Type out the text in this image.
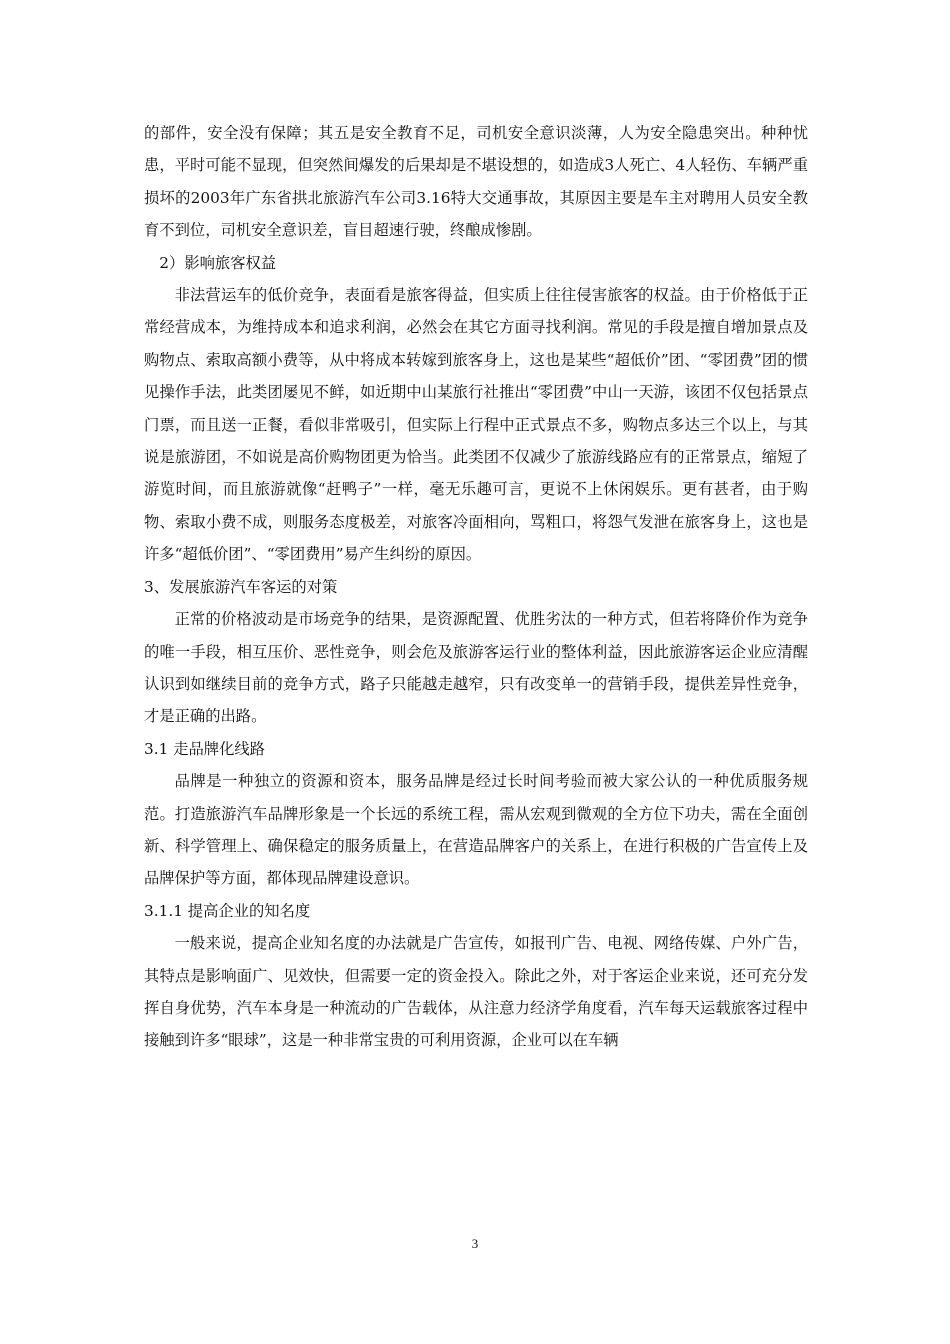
的部件，安全没有保障；其五是安全教育不足，司机安全意识淡薄，人为安全隐患突出。种种忧患，平时可能不显现，但突然间爆发的后果却是不堪设想的，如造成3人死亡、4人轻伤、车辆严重损坏的2003年广东省拱北旅游汽车公司3.16特大交通事故，其原因主要是车主对聘用人员安全教育不到位，司机安全意识差，盲目超速行驶，终酿成惨剧。

2）影响旅客权益

非法营运车的低价竞争，表面看是旅客得益，但实质上往往侵害旅客的权益。由于价格低于正常经营成本，为维持成本和追求利润，必然会在其它方面寻找利润。常见的手段是擅自增加景点及购物点、索取高额小费等，从中将成本转嫁到旅客身上，这也是某些“超低价”团、“零团费”团的惯见操作手法，此类团屡见不鲜，如近期中山某旅行社推出“零团费”中山一天游，该团不仅包括景点门票，而且送一正餐，看似非常吸引，但实际上行程中正式景点不多，购物点多达三个以上，与其说是旅游团，不如说是高价购物团更为恰当。此类团不仅减少了旅游线路应有的正常景点，缩短了游览时间，而且旅游就像“赶鸭子”一样，毫无乐趣可言，更说不上休闲娱乐。更有甚者，由于购物、索取小费不成，则服务态度极差，对旅客冷面相向，骂粗口，将怨气发泄在旅客身上，这也是许多“超低价团”、“零团费用”易产生纠纷的原因。

3、发展旅游汽车客运的对策

正常的价格波动是市场竞争的结果，是资源配置、优胜劣汰的一种方式，但若将降价作为竞争的唯一手段，相互压价、恶性竞争，则会危及旅游客运行业的整体利益，因此旅游客运企业应清醒认识到如继续目前的竞争方式，路子只能越走越窄，只有改变单一的营销手段，提供差异性竞争，才是正确的出路。

3.1 走品牌化线路

品牌是一种独立的资源和资本，服务品牌是经过长时间考验而被大家公认的一种优质服务规范。打造旅游汽车品牌形象是一个长远的系统工程，需从宏观到微观的全方位下功夫，需在全面创新、科学管理上、确保稳定的服务质量上，在营造品牌客户的关系上，在进行积极的广告宣传上及品牌保护等方面，都体现品牌建设意识。

3.1.1 提高企业的知名度

一般来说，提高企业知名度的办法就是广告宣传，如报刊广告、电视、网络传媒、户外广告，其特点是影响面广、见效快，但需要一定的资金投入。除此之外，对于客运企业来说，还可充分发挥自身优势，汽车本身是一种流动的广告载体，从注意力经济学角度看，汽车每天运载旅客过程中接触到许多“眼球”，这是一种非常宝贵的可利用资源，企业可以在车辆

3
